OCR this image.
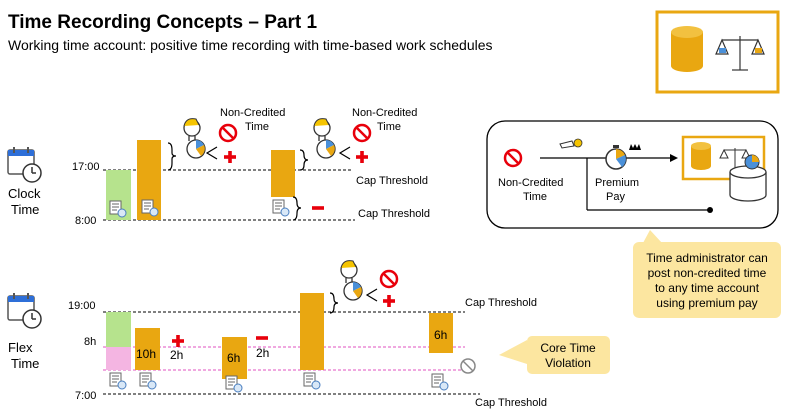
Time Recording Concepts – Part 1
Working time account: positive time recording with time-based work schedules
Clock
Time
17:00
8:00
Cap Threshold
Cap Threshold
Non-Credited
Time
Non-Credited
Time
Non-Credited
Time
Premium
Pay
Time administrator can
post non-credited time
to any time account
using premium pay
Flex
Time
19:00
8h
7:00
Cap Threshold
Cap Threshold
10h 2h	6h 2h
6h
Core Time
Violation
